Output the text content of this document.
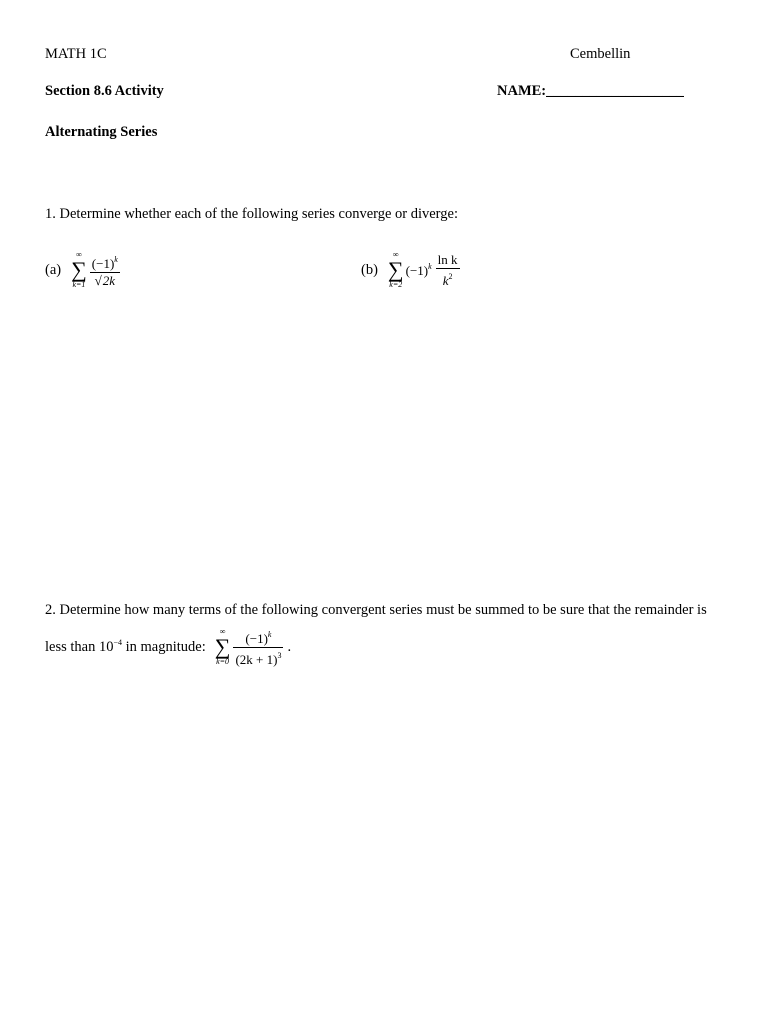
MATH 1C	Cembellin
Section 8.6 Activity	NAME:___________________
Alternating Series
1. Determine whether each of the following series converge or diverge:
(a)
∞
∑
$k=1 \frac{(-1)^k}{√2k}$	(b)
∞
∑
k=2
$(-1)^k \frac{\text{ln k}}{k^2}$
2. Determine how many terms of the following convergent series must be summed to be sure that the remainder is
less than $10^{-4}$ in magnitude:
∞
∑
$k=0 \frac{(-1)^k}{(2k + 1)^3}$ .
